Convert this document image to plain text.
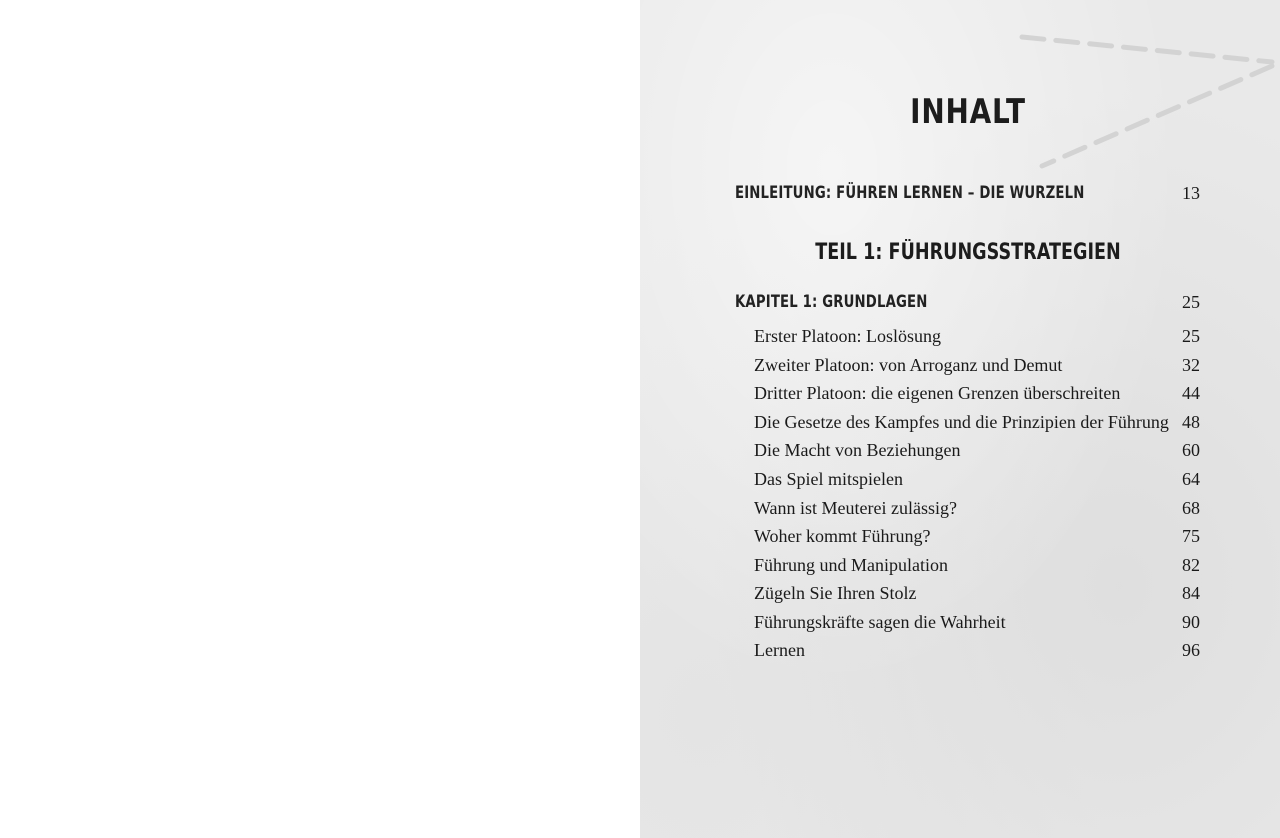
INHALT
EINLEITUNG: FÜHREN LERNEN – DIE WURZELN	13
TEIL 1: FÜHRUNGSSTRATEGIEN
KAPITEL 1: GRUNDLAGEN	25
Erster Platoon: Loslösung	25
Zweiter Platoon: von Arroganz und Demut	32
Dritter Platoon: die eigenen Grenzen überschreiten	44
Die Gesetze des Kampfes und die Prinzipien der Führung 48
Die Macht von Beziehungen	60
Das Spiel mitspielen	64
Wann ist Meuterei zulässig?	68
Woher kommt Führung?	75
Führung und Manipulation	82
Zügeln Sie Ihren Stolz	84
Führungskräfte sagen die Wahrheit	90
Lernen	96
